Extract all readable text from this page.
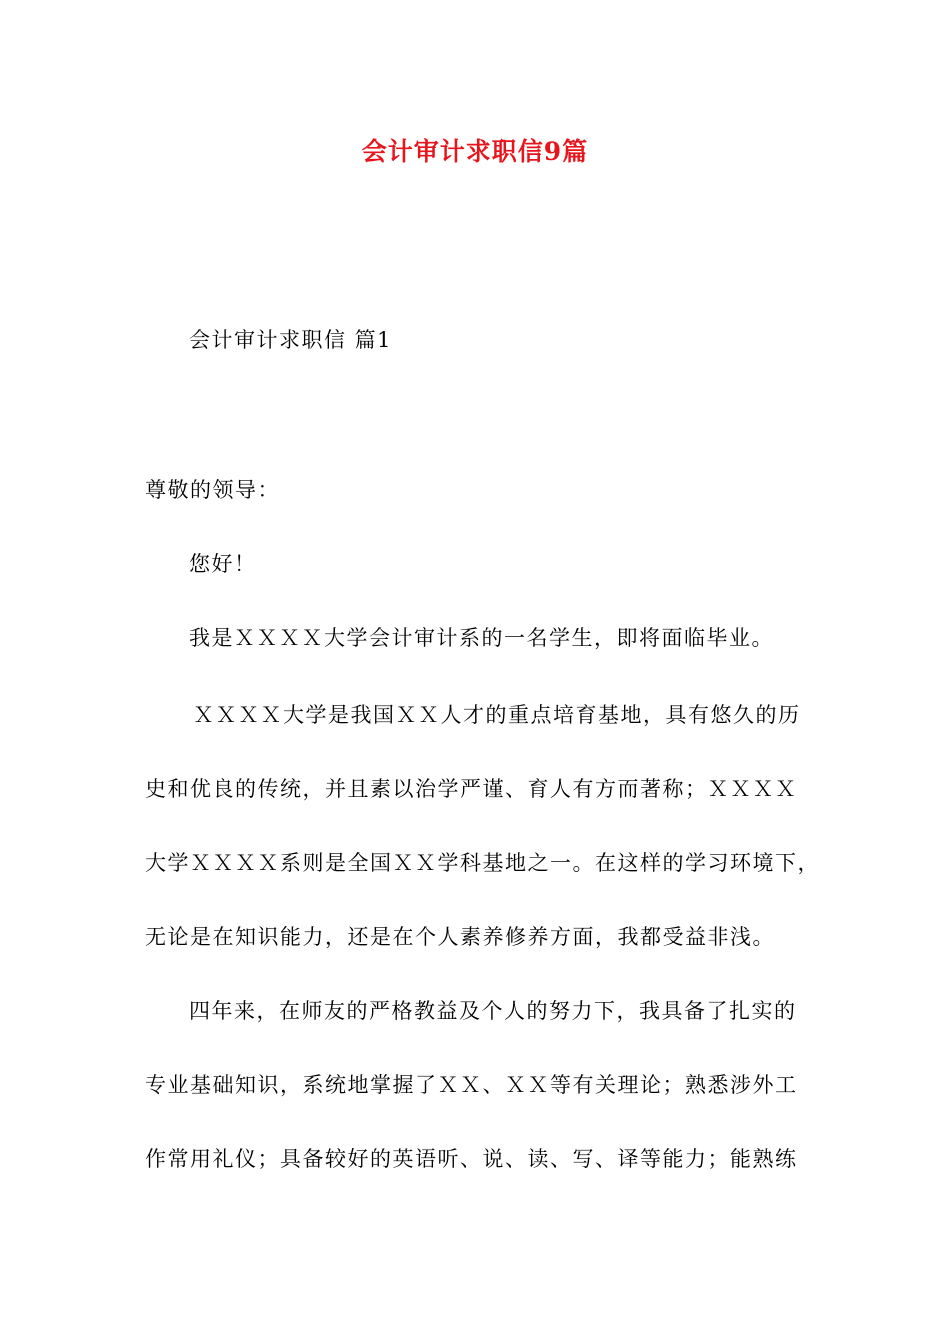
会计审计求职信9篇
会计审计求职信 篇1
尊敬的领导：
您好！
我是ＸＸＸＸ大学会计审计系的一名学生，即将面临毕业。
ＸＸＸＸ大学是我国ＸＸ人才的重点培育基地，具有悠久的历
史和优良的传统，并且素以治学严谨、育人有方而著称；ＸＸＸＸ
大学ＸＸＸＸ系则是全国ＸＸ学科基地之一。在这样的学习环境下，
无论是在知识能力，还是在个人素养修养方面，我都受益非浅。
四年来，在师友的严格教益及个人的努力下，我具备了扎实的
专业基础知识，系统地掌握了ＸＸ、ＸＸ等有关理论；熟悉涉外工
作常用礼仪；具备较好的英语听、说、读、写、译等能力；能熟练
